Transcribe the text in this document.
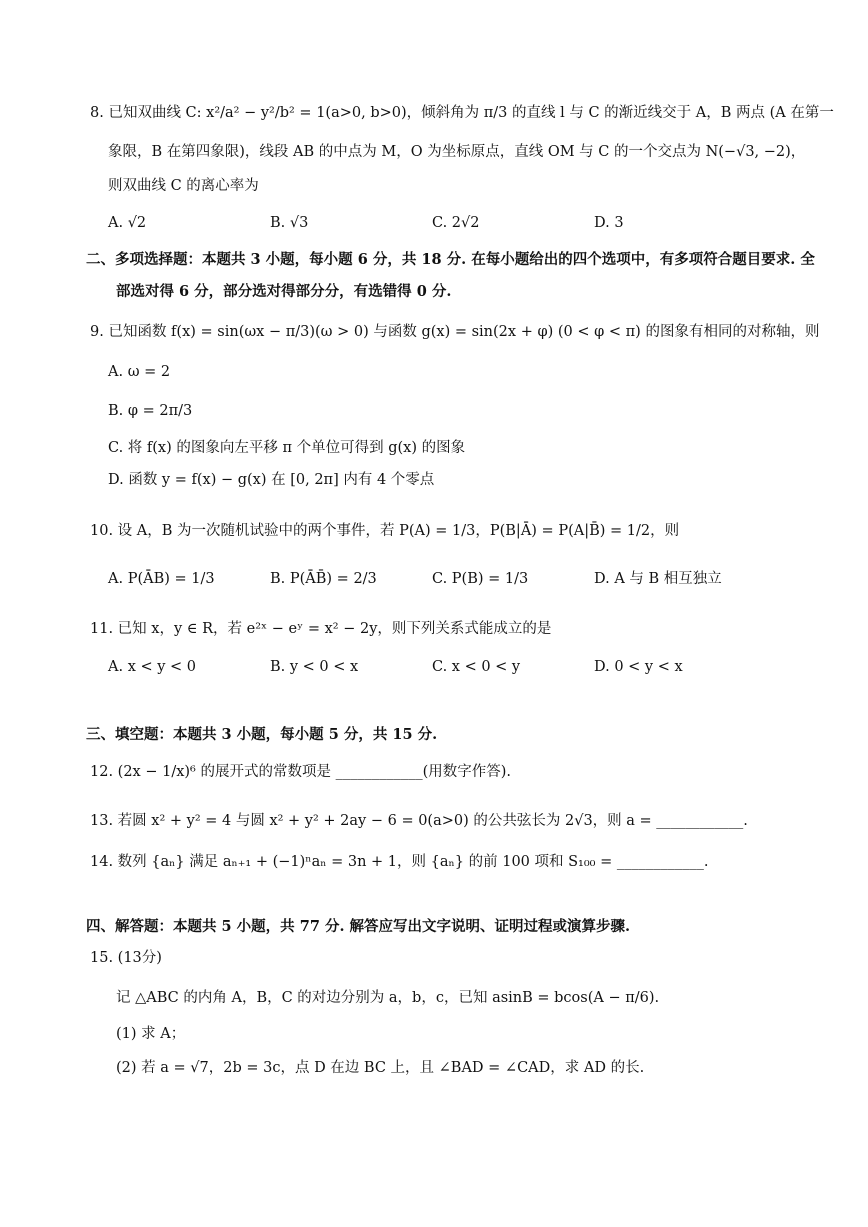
8. 已知双曲线 C: x²/a² − y²/b² = 1(a>0, b>0)，倾斜角为 π/3 的直线 l 与 C 的渐近线交于 A，B 两点 (A 在第一
象限，B 在第四象限)，线段 AB 的中点为 M，O 为坐标原点，直线 OM 与 C 的一个交点为 N(−√3, −2)，
则双曲线 C 的离心率为
A. √2	B. √3	C. 2√2	D. 3
二、多项选择题：本题共 3 小题，每小题 6 分，共 18 分. 在每小题给出的四个选项中，有多项符合题目要求. 全
部选对得 6 分，部分选对得部分分，有选错得 0 分.
9. 已知函数 f(x) = sin(ωx − π/3)(ω > 0) 与函数 g(x) = sin(2x + φ) (0 < φ < π) 的图象有相同的对称轴，则
A. ω = 2
B. φ = 2π/3
C. 将 f(x) 的图象向左平移 π 个单位可得到 g(x) 的图象
D. 函数 y = f(x) − g(x) 在 [0, 2π] 内有 4 个零点
10. 设 A，B 为一次随机试验中的两个事件，若 P(A) = 1/3，P(B|Ā) = P(A|B̄) = 1/2，则
A. P(ĀB) = 1/3	B. P(ĀB̄) = 2/3	C. P(B) = 1/3	D. A 与 B 相互独立
11. 已知 x，y ∈ R，若 e²ˣ − eʸ = x² − 2y，则下列关系式能成立的是
A. x < y < 0	B. y < 0 < x	C. x < 0 < y	D. 0 < y < x
三、填空题：本题共 3 小题，每小题 5 分，共 15 分.
12. (2x − 1/x)⁶ 的展开式的常数项是 ____________(用数字作答).
13. 若圆 x² + y² = 4 与圆 x² + y² + 2ay − 6 = 0(a>0) 的公共弦长为 2√3，则 a = ____________.
14. 数列 {aₙ} 满足 aₙ₊₁ + (−1)ⁿaₙ = 3n + 1，则 {aₙ} 的前 100 项和 S₁₀₀ = ____________.
四、解答题：本题共 5 小题，共 77 分. 解答应写出文字说明、证明过程或演算步骤.
15. (13分)
记 △ABC 的内角 A，B，C 的对边分别为 a，b，c，已知 asinB = bcos(A − π/6).
(1) 求 A；
(2) 若 a = √7，2b = 3c，点 D 在边 BC 上，且 ∠BAD = ∠CAD，求 AD 的长.
